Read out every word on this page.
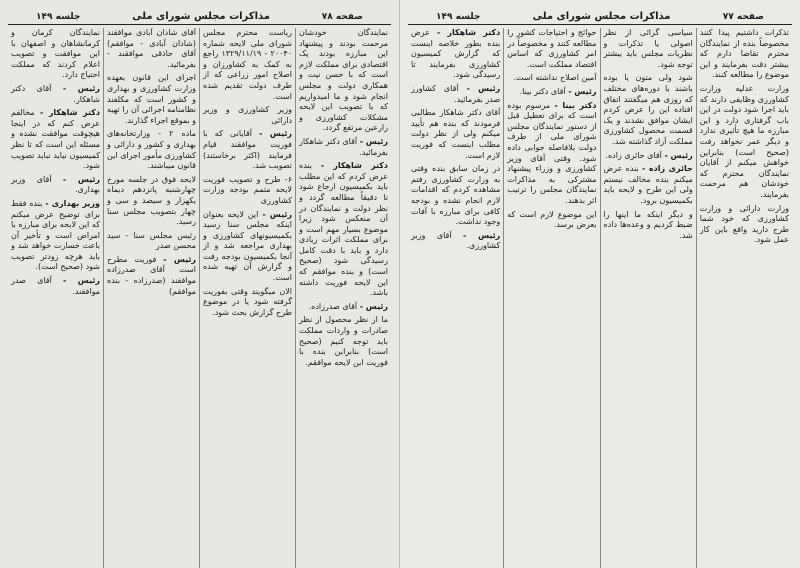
صفحه ۷۸
مذاکرات مجلس شورای ملی
جلسه ۱۴۹

نمایندگان خودشان مرحمت بودند و پیشنهاد این مبارزه بودند یک اقتصادی برای مملکت لازم است که با حسن نیت و همکاری دولت و مجلس انجام شود و ما امیدواریم که با تصویب این لایحه مشکلات کشاورزی و زارعین مرتفع گردد.

رئیس - آقای دکتر شاهکار بفرمائید.

دکتر شاهکار - بنده عرض کردم که این مطلب باید بکمیسیون ارجاع شود تا دقیقاً مطالعه گردد و نظر دولت و نمایندگان در آن منعکس شود زیرا موضوع بسیار مهم است و برای مملکت اثرات زیادی دارد و باید با دقت کامل رسیدگی شود (صحیح است) و بنده موافقم که این لایحه فوریت داشته باشد.

رئیس - آقای صدرزاده.

ما از نظر محصول از نظر صادرات و واردات مملکت باید توجه کنیم (صحیح است) بنابراین بنده با فوریت این لایحه موافقم.

ریاست محترم مجلس شورای ملی لایحه شماره ۲۰۰۴۰ - ۱۳۲۹/۱۱/۱۹ راجع به کمک به کشاورزان و اصلاح امور زراعی که از طرف دولت تقدیم شده است.

وزیر کشاورزی و وزیر دارائی

رئیس - آقایانی که با فوریت موافقند قیام فرمایند (اکثر برخاستند) تصویب شد.

۶- طرح و تصویب فوریت لایحه متمم بودجه وزارت کشاورزی

رئیس - این لایحه بعنوان اینکه مجلس سنا رسید بکمیسیونهای کشاورزی و بهداری مراجعه شد و از آنجا بکمیسیون بودجه رفت و گزارش آن تهیه شده است.

الان میگویند وقتی بفوریت گرفته شود یا در موضوع طرح گزارش بحث شود.

آقای شادان آبادی موافقند (شادان آبادی - موافقم) آقای حاذقی موافقند - بفرمائید.

اجرای این قانون بعهده وزارت کشاورزی و بهداری و کشور است که مکلفند نظامنامه اجرائی آن را تهیه و بموقع اجراء گذارند.

ماده ۲ - وزارتخانه‌های بهداری و کشور و دارائی و کشاورزی مأمور اجرای این قانون میباشند.

لایحه فوق در جلسه مورخ چهارشنبه پانزدهم دیماه یکهزار و سیصد و سی و چهار بتصویب مجلس سنا رسید.

رئیس مجلس سنا - سید محسن صدر

رئیس - فوریت مطرح است آقای صدرزاده موافقند (صدرزاده - بنده موافقم)

نمایندگان کرمان و کرمانشاهان و اصفهان با این موافقت و تصویب اعلام کردند که مملکت احتیاج دارد.

رئیس - آقای دکتر شاهکار.

دکتر شاهکار - مخالفم عرض کنم که در اینجا هیچوقت موافقت نشده و مسئله این است که تا نظر کمیسیون نیاید نباید تصویب شود.

رئیس - آقای وزیر بهداری.

وزیر بهداری - بنده فقط برای توضیح عرض میکنم که این لایحه برای مبارزه با امراض است و تأخیر آن باعث خسارت خواهد شد و باید هرچه زودتر تصویب شود (صحیح است).

رئیس - آقای صدر موافقند.

صفحه ۷۷
مذاکرات مجلس شورای ملی
جلسه ۱۴۹

تذکرات داشتیم پیدا کنند مخصوصاً بنده از نمایندگان محترم تقاضا دارم که بیشتر دقت بفرمایند و این موضوع را مطالعه کنند.

وزارت عدلیه وزارت کشاورزی وظایفی دارند که باید اجرا شود دولت در این باب گرفتاری دارد و این مبارزه ما هیچ تأثیری ندارد و دیگر عمر نخواهد رفت (صحیح است) بنابراین خواهش میکنم از آقایان نمایندگان محترم که خودشان هم مرحمت بفرمایند.

وزارت دارائی و وزارت کشاورزی که خود شما طرح دارید واقع باین کار عمل شود.

سیاسی گرائی از نظر اصولی یا تذکرات و نظریات مجلس باید بیشتر توجه شود.

شود ولی متون یا بوده باشند با دوره‌های مختلف که روزی هم میگفتند اتفاق افتاده این را عرض کردم ایشان موافق نشدند و یک قسمت محصول کشاورزی مملکت آزاد گذاشته شد.

رئیس - آقای حائری زاده.

حائری زاده - بنده عرض میکنم بنده مخالف نیستم ولی این طرح و لایحه باید بکمیسیون برود.

و دیگر اینکه ما اینها را ضبط کردیم و وعده‌ها داده شد.

حوائج و احتیاجات کشور را مطالعه کنند و مخصوصاً در امر کشاورزی که اساس اقتصاد مملکت است.

آمین اصلاح نداشته است.

رئیس - آقای دکتر بینا.

دکتر بینا - مرسوم بوده است که برای تعطیل قبل از دستور نمایندگان مجلس شورای ملی از طرف دولت بلافاصله جوابی داده شود. وقتی آقای وزیر کشاورزی و وزراء پیشنهاد مشترکی به مذاکرات نمایندگان مجلس را ترتیب اثر بدهند.

این موضوع لازم است که بعرض برسد.

دکتر شاهکار - عرض بنده بطور خلاصه اینست که گزارش کمیسیون کشاورزی بفرمایند تا رسیدگی شود.

رئیس - آقای کشاورز صدر بفرمائید.

آقای دکتر شاهکار مطالبی فرمودند که بنده هم تأیید میکنم ولی از نظر دولت مطلب اینست که فوریت لازم است.

در زمان سابق بنده وقتی به وزارت کشاورزی رفتم مشاهده کردم که اقدامات لازم انجام نشده و بودجه کافی برای مبارزه با آفات وجود نداشت.

رئیس - آقای وزیر کشاورزی.
